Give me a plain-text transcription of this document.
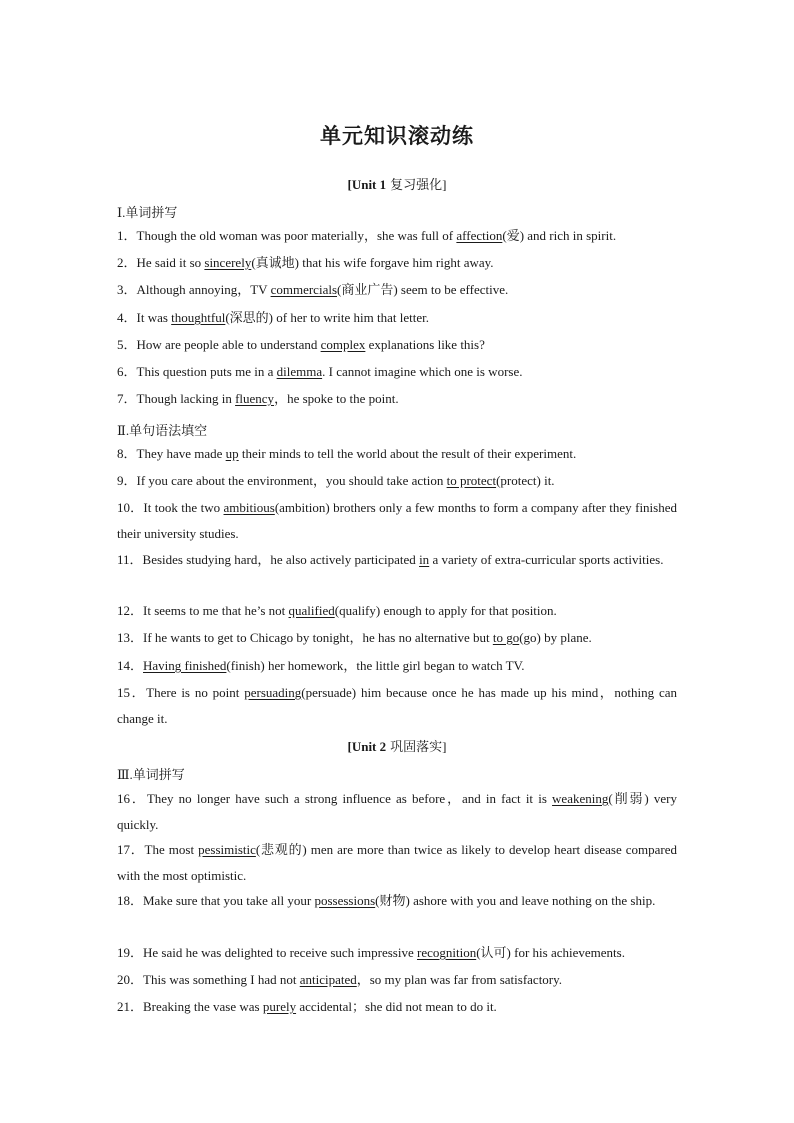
单元知识滚动练
[Unit 1 复习强化]
Ⅰ.单词拼写
1．Though the old woman was poor materially，she was full of affection(爱) and rich in spirit.
2．He said it so sincerely(真诚地) that his wife forgave him right away.
3．Although annoying，TV commercials(商业广告) seem to be effective.
4．It was thoughtful(深思的) of her to write him that letter.
5．How are people able to understand complex explanations like this?
6．This question puts me in a dilemma. I cannot imagine which one is worse.
7．Though lacking in fluency，he spoke to the point.
Ⅱ.单句语法填空
8．They have made up their minds to tell the world about the result of their experiment.
9．If you care about the environment，you should take action to protect(protect) it.
10．It took the two ambitious(ambition) brothers only a few months to form a company after they finished their university studies.
11．Besides studying hard，he also actively participated in a variety of extra-curricular sports activities.
12．It seems to me that he’s not qualified(qualify) enough to apply for that position.
13．If he wants to get to Chicago by tonight，he has no alternative but to go(go) by plane.
14．Having finished(finish) her homework，the little girl began to watch TV.
15．There is no point persuading(persuade) him because once he has made up his mind，nothing can change it.
[Unit 2 巩固落实]
Ⅲ.单词拼写
16．They no longer have such a strong influence as before，and in fact it is weakening(削弱) very quickly.
17．The most pessimistic(悲观的) men are more than twice as likely to develop heart disease compared with the most optimistic.
18．Make sure that you take all your possessions(财物) ashore with you and leave nothing on the ship.
19．He said he was delighted to receive such impressive recognition(认可) for his achievements.
20．This was something I had not anticipated，so my plan was far from satisfactory.
21．Breaking the vase was purely accidental；she did not mean to do it.
